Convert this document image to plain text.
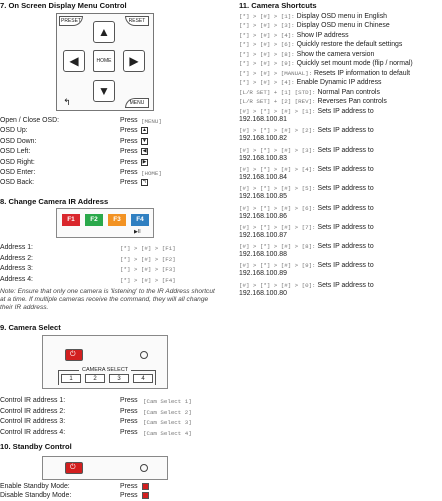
7. On Screen Display Menu Control
PRESET	RESET
▲
◀	HOME	▶
▼
↰	MENU
Open / Close OSD:	Press [MENU]
OSD Up:	Press ▲
OSD Down:	Press ▼
OSD Left:	Press ◀
OSD Right:	Press ▶
OSD Enter:	Press [HOME]
OSD Back:	Press ↰
8. Change Camera IR Address
F1	F2	F3	F4
▶II
Address 1:	[*] > [#] > [F1]
Address 2:	[*] > [#] > [F2]
Address 3:	[*] > [#] > [F3]
Address 4:	[*] > [#] > [F4]
Note: Ensure that only one camera is 'listening' to the IR Address shortcut at a time. If multiple cameras receive the command, they will all change their IR address.
9. Camera Select
⏻
CAMERA SELECT
1	2	3	4
Control IR address 1:	Press [Cam Select 1]
Control IR address 2:	Press [Cam Select 2]
Control IR address 3:	Press [Cam Select 3]
Control IR address 4:	Press [Cam Select 4]
10. Standby Control
⏻
Enable Standby Mode:	Press
Disable Standby Mode:	Press
11. Camera Shortcuts
[*] > [#] > [1]: Display OSD menu in English
[*] > [#] > [3]: Display OSD menu in Chinese
[*] > [#] > [4]: Show IP address
[*] > [#] > [6]: Quickly restore the default settings
[*] > [#] > [8]: Show the camera version
[*] > [#] > [9]: Quickly set mount mode (flip / normal)
[*] > [#] > [MANUAL]: Resets IP information to default
[*] > [#] > [4]: Enable Dynamic IP address
[L/R SET] + [1] [STD]: Normal Pan controls
[L/R SET] + [2] [REV]: Reverses Pan controls
[#] > [*] > [#] > [1]: Sets IP address to
192.168.100.81
[#] > [*] > [#] > [2]: Sets IP address to
192.168.100.82
[#] > [*] > [#] > [3]: Sets IP address to
192.168.100.83
[#] > [*] > [#] > [4]: Sets IP address to
192.168.100.84
[#] > [*] > [#] > [5]: Sets IP address to
192.168.100.85
[#] > [*] > [#] > [6]: Sets IP address to
192.168.100.86
[#] > [*] > [#] > [7]: Sets IP address to
192.168.100.87
[#] > [*] > [#] > [8]: Sets IP address to
192.168.100.88
[#] > [*] > [#] > [9]: Sets IP address to
192.168.100.89
[#] > [*] > [#] > [0]: Sets IP address to
192.168.100.80
